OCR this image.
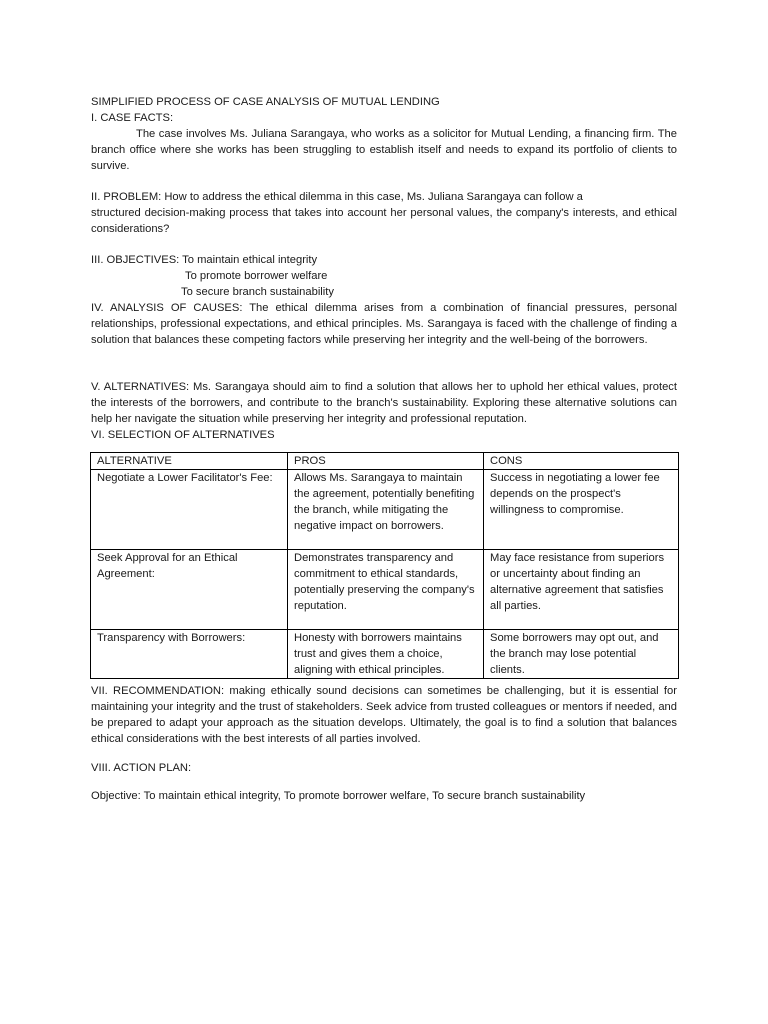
SIMPLIFIED PROCESS OF CASE ANALYSIS OF MUTUAL LENDING
I. CASE FACTS:
The case involves Ms. Juliana Sarangaya, who works as a solicitor for Mutual Lending, a financing firm. The branch office where she works has been struggling to establish itself and needs to expand its portfolio of clients to survive.
II. PROBLEM: How to address the ethical dilemma in this case, Ms. Juliana Sarangaya can follow a
structured decision-making process that takes into account her personal values, the company's interests, and ethical considerations?
III. OBJECTIVES: To maintain ethical integrity
To promote borrower welfare
To secure branch sustainability
IV. ANALYSIS OF CAUSES: The ethical dilemma arises from a combination of financial pressures, personal relationships, professional expectations, and ethical principles. Ms. Sarangaya is faced with the challenge of finding a solution that balances these competing factors while preserving her integrity and the well-being of the borrowers.
V. ALTERNATIVES: Ms. Sarangaya should aim to find a solution that allows her to uphold her ethical values, protect the interests of the borrowers, and contribute to the branch's sustainability. Exploring these alternative solutions can help her navigate the situation while preserving her integrity and professional reputation.
VI. SELECTION OF ALTERNATIVES
ALTERNATIVE	PROS	CONS
Negotiate a Lower Facilitator's Fee:	Allows Ms. Sarangaya to maintain the agreement, potentially benefiting the branch, while mitigating the negative impact on borrowers.	Success in negotiating a lower fee depends on the prospect's willingness to compromise.
Seek Approval for an Ethical Agreement:	Demonstrates transparency and commitment to ethical standards, potentially preserving the company's reputation.	May face resistance from superiors or uncertainty about finding an alternative agreement that satisfies all parties.
Transparency with Borrowers:	Honesty with borrowers maintains trust and gives them a choice, aligning with ethical principles.	Some borrowers may opt out, and the branch may lose potential clients.
VII. RECOMMENDATION: making ethically sound decisions can sometimes be challenging, but it is essential for maintaining your integrity and the trust of stakeholders. Seek advice from trusted colleagues or mentors if needed, and be prepared to adapt your approach as the situation develops. Ultimately, the goal is to find a solution that balances ethical considerations with the best interests of all parties involved.
VIII. ACTION PLAN:
Objective: To maintain ethical integrity, To promote borrower welfare, To secure branch sustainability
